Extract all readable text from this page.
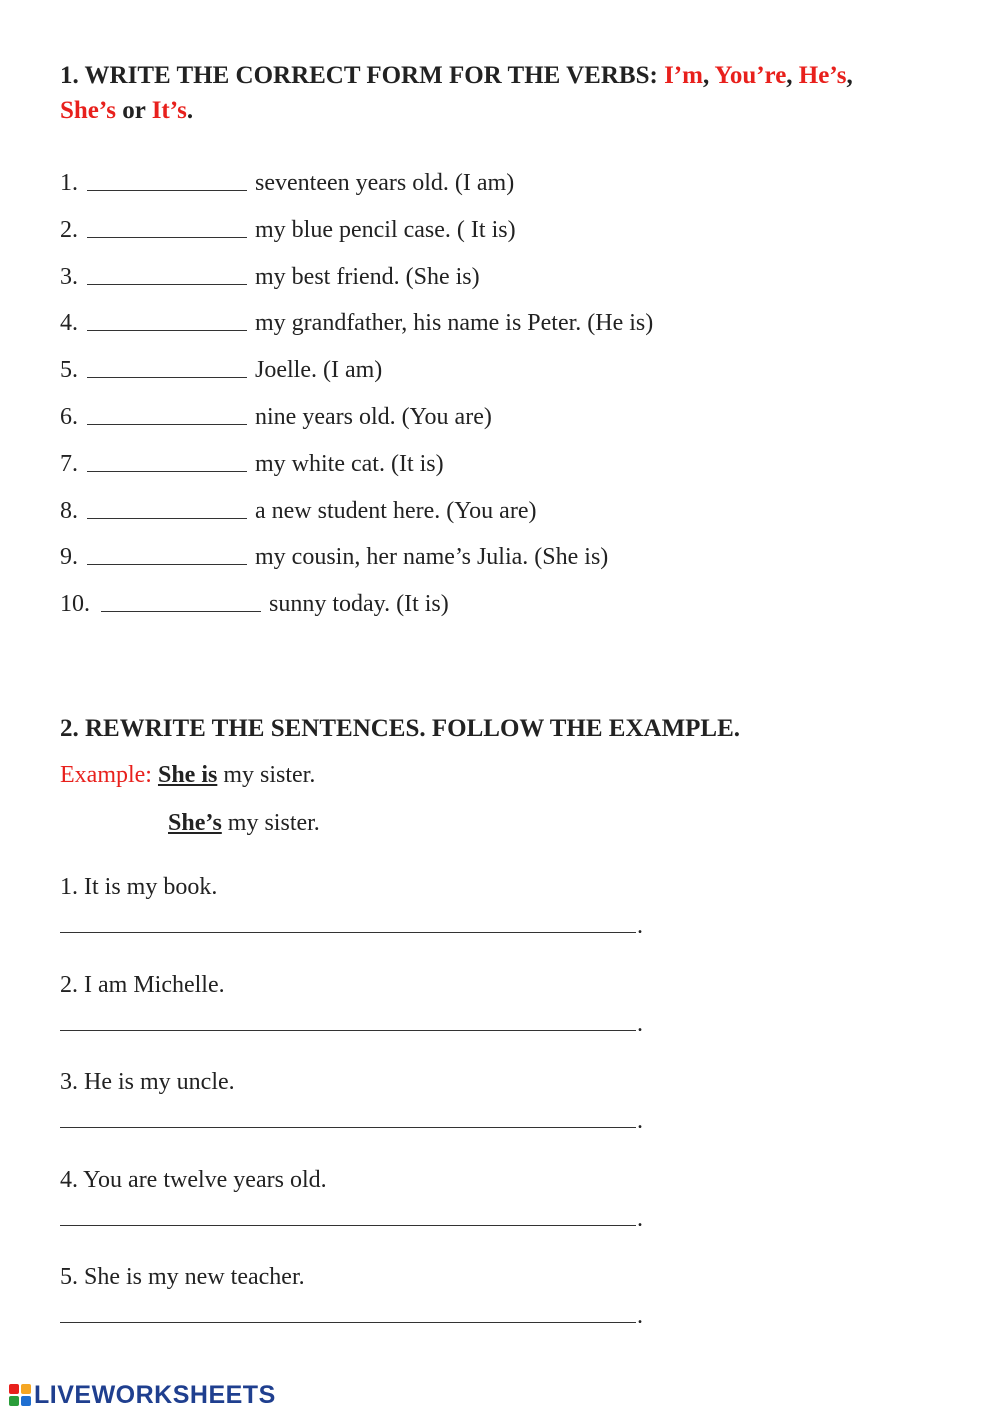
1. WRITE THE CORRECT FORM FOR THE VERBS: I’m, You’re, He’s,
She’s or It’s.
1.	seventeen years old. (I am)
2.	my blue pencil case. ( It is)
3.	my best friend. (She is)
4.	my grandfather, his name is Peter. (He is)
5.	Joelle. (I am)
6.	nine years old. (You are)
7.	my white cat. (It is)
8.	a new student here. (You are)
9.	my cousin, her name’s Julia. (She is)
10.	sunny today. (It is)
2. REWRITE THE SENTENCES. FOLLOW THE EXAMPLE.
Example: She is my sister.
She’s my sister.
1. It is my book.
.
2. I am Michelle.
.
3. He is my uncle.
.
4. You are twelve years old.
.
5. She is my new teacher.
.
LIVEWORKSHEETS
